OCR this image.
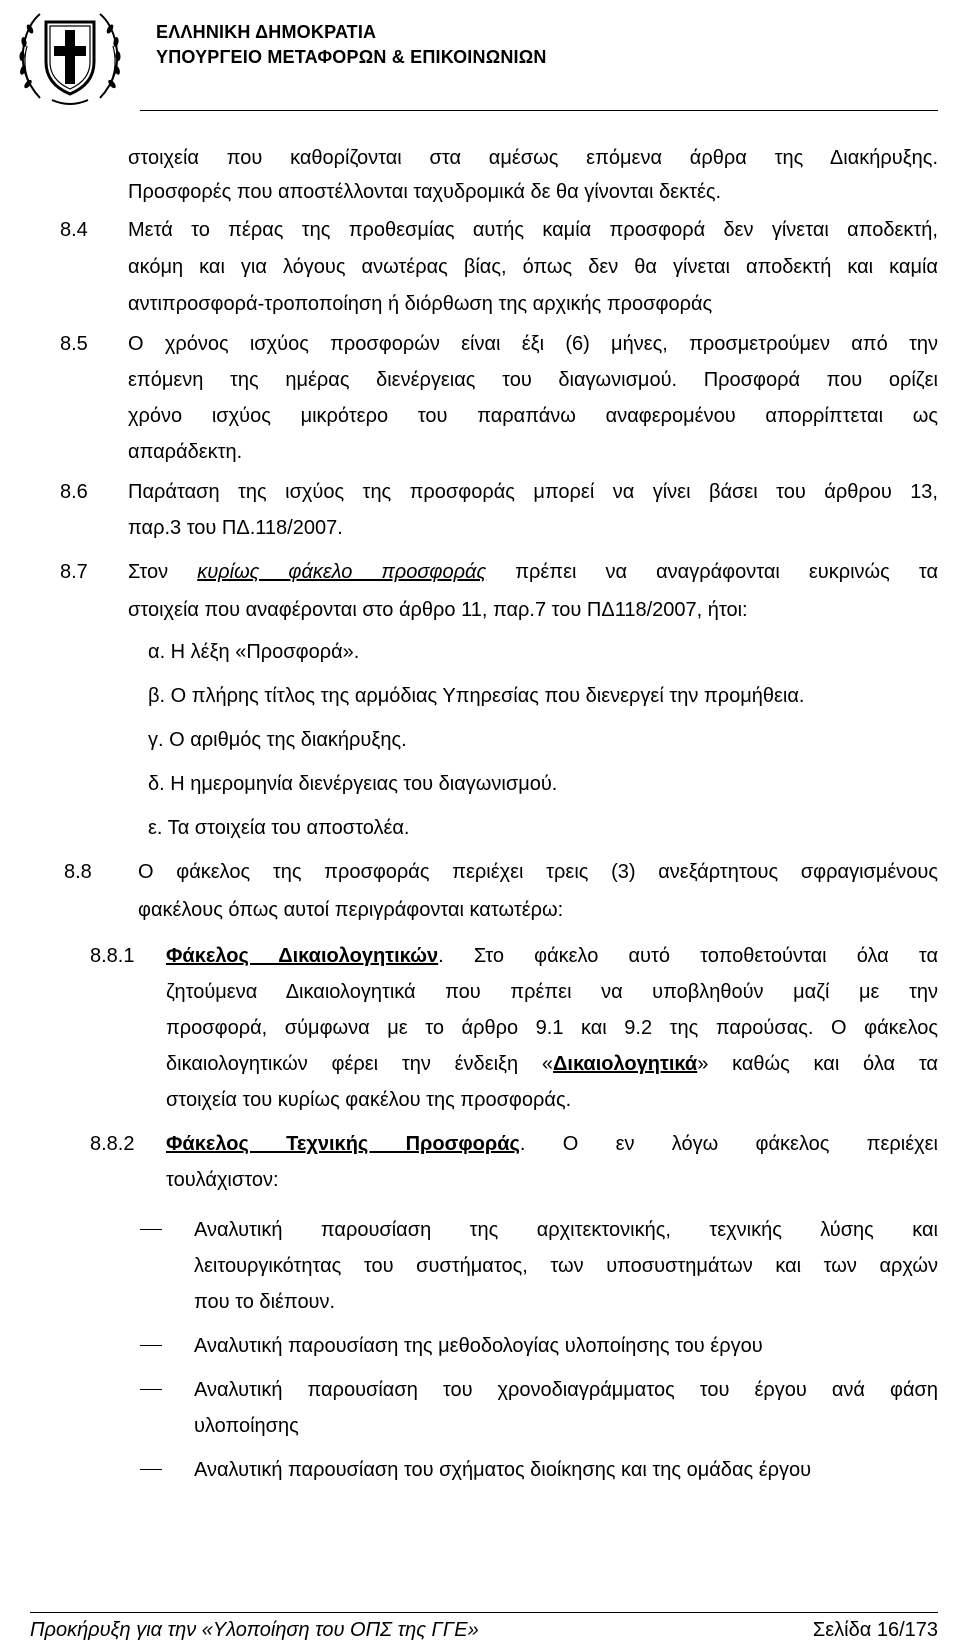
ΕΛΛΗΝΙΚΗ ΔΗΜΟΚΡΑΤΙΑ
ΥΠΟΥΡΓΕΙΟ ΜΕΤΑΦΟΡΩΝ & ΕΠΙΚΟΙΝΩΝΙΩΝ
στοιχεία που καθορίζονται στα αμέσως επόμενα άρθρα της Διακήρυξης.
Προσφορές που αποστέλλονται ταχυδρομικά δε θα γίνονται δεκτές.
8.4 Μετά το πέρας της προθεσμίας αυτής καμία προσφορά δεν γίνεται αποδεκτή,
ακόμη και για λόγους ανωτέρας βίας, όπως δεν θα γίνεται αποδεκτή και καμία
αντιπροσφορά-τροποποίηση ή διόρθωση της αρχικής προσφοράς
8.5 Ο χρόνος ισχύος προσφορών είναι έξι (6) μήνες, προσμετρούμεν από την
επόμενη της ημέρας διενέργειας του διαγωνισμού. Προσφορά που ορίζει
χρόνο ισχύος μικρότερο του παραπάνω αναφερομένου απορρίπτεται ως
απαράδεκτη.
8.6 Παράταση της ισχύος της προσφοράς μπορεί να γίνει βάσει του άρθρου 13,
παρ.3 του ΠΔ.118/2007.
8.7 Στον κυρίως φάκελο προσφοράς πρέπει να αναγράφονται ευκρινώς τα
στοιχεία που αναφέρονται στο άρθρο 11, παρ.7 του ΠΔ118/2007, ήτοι:
α. Η λέξη «Προσφορά».
β. Ο πλήρης τίτλος της αρμόδιας Υπηρεσίας που διενεργεί την προμήθεια.
γ. Ο αριθμός της διακήρυξης.
δ. Η ημερομηνία διενέργειας του διαγωνισμού.
ε. Τα στοιχεία του αποστολέα.
8.8 Ο φάκελος της προσφοράς περιέχει τρεις (3) ανεξάρτητους σφραγισμένους
φακέλους όπως αυτοί περιγράφονται κατωτέρω:
8.8.1 Φάκελος Δικαιολογητικών. Στο φάκελο αυτό τοποθετούνται όλα τα
ζητούμενα Δικαιολογητικά που πρέπει να υποβληθούν μαζί με την
προσφορά, σύμφωνα με το άρθρο 9.1 και 9.2 της παρούσας. Ο φάκελος
δικαιολογητικών φέρει την ένδειξη «Δικαιολογητικά» καθώς και όλα τα
στοιχεία του κυρίως φακέλου της προσφοράς.
8.8.2 Φάκελος Τεχνικής Προσφοράς. Ο εν λόγω φάκελος περιέχει
τουλάχιστον:
Αναλυτική παρουσίαση της αρχιτεκτονικής, τεχνικής λύσης και
λειτουργικότητας του συστήματος, των υποσυστημάτων και των αρχών
που το διέπουν.
Αναλυτική παρουσίαση της μεθοδολογίας υλοποίησης του έργου
Αναλυτική παρουσίαση του χρονοδιαγράμματος του έργου ανά φάση
υλοποίησης
Αναλυτική παρουσίαση του σχήματος διοίκησης και της ομάδας έργου
Προκήρυξη για την «Υλοποίηση του ΟΠΣ της ΓΓΕ»	Σελίδα 16/173
